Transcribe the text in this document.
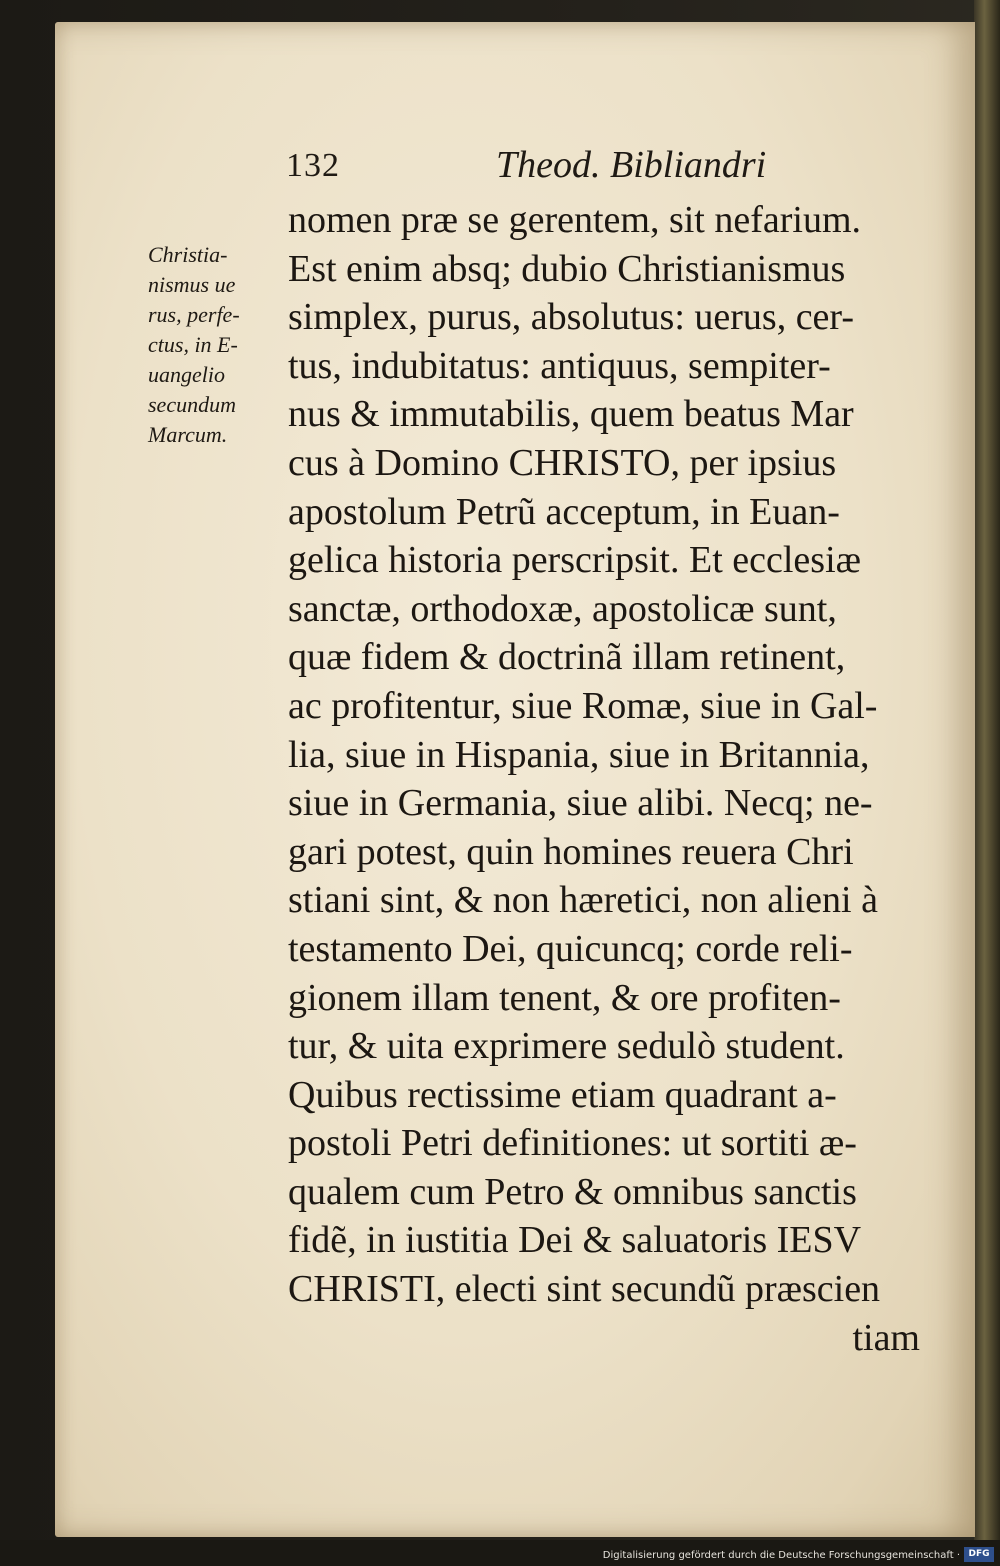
132	Theod. Bibliandri
Christia-
nismus ue
rus, perfe-
ctus, in E-
uangelio
secundum
Marcum.
nomen præ se gerentem, sit nefarium.
Est enim absq; dubio Christianismus
simplex, purus, absolutus: uerus, cer-
tus, indubitatus: antiquus, sempiter-
nus & immutabilis, quem beatus Mar
cus à Domino CHRISTO, per ipsius
apostolum Petrũ acceptum, in Euan-
gelica historia perscripsit. Et ecclesiæ
sanctæ, orthodoxæ, apostolicæ sunt,
quæ fidem & doctrinã illam retinent,
ac profitentur, siue Romæ, siue in Gal-
lia, siue in Hispania, siue in Britannia,
siue in Germania, siue alibi. Necq; ne-
gari potest, quin homines reuera Chri
stiani sint, & non hæretici, non alieni à
testamento Dei, quicuncq; corde reli-
gionem illam tenent, & ore profiten-
tur, & uita exprimere sedulò student.
Quibus rectissime etiam quadrant a-
postoli Petri definitiones: ut sortiti æ-
qualem cum Petro & omnibus sanctis
fidẽ, in iustitia Dei & saluatoris IESV
CHRISTI, electi sint secundũ præscien
tiam
Digitalisierung gefördert durch die Deutsche Forschungsgemeinschaft · DFG
